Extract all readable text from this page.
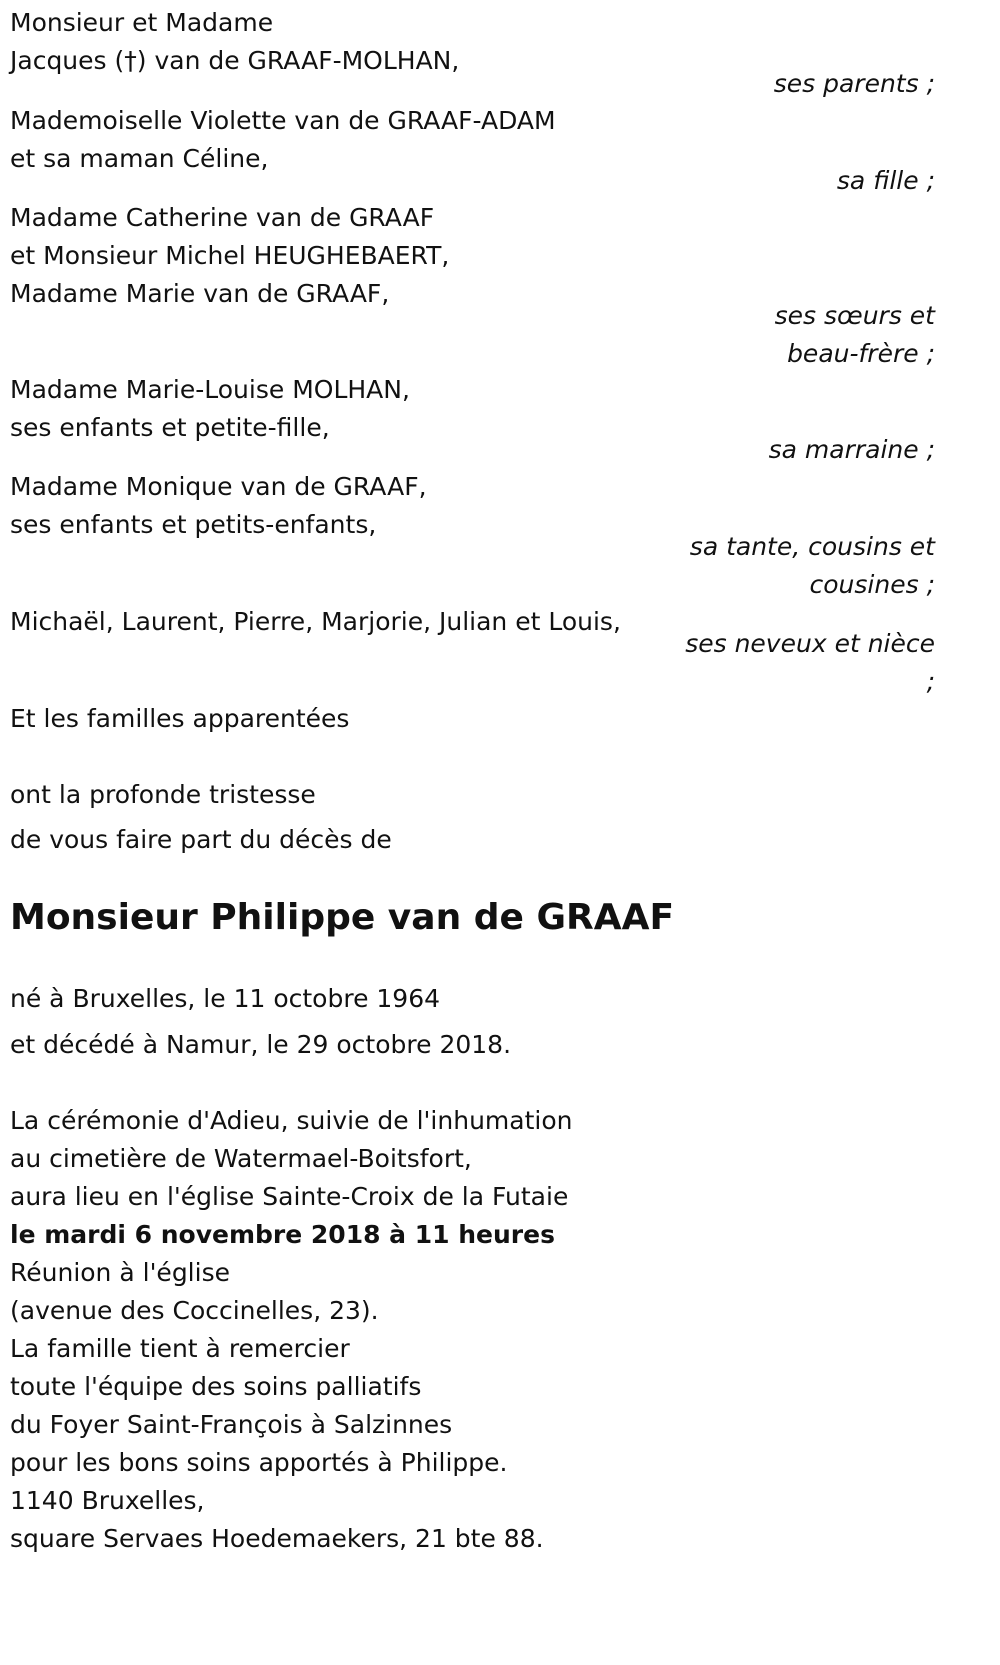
Monsieur et Madame
Jacques (†) van de GRAAF-MOLHAN,
ses parents ;
Mademoiselle Violette van de GRAAF-ADAM
et sa maman Céline,
sa fille ;
Madame Catherine van de GRAAF
et Monsieur Michel HEUGHEBAERT,
Madame Marie van de GRAAF,
ses sœurs et
beau-frère ;
Madame Marie-Louise MOLHAN,
ses enfants et petite-fille,
sa marraine ;
Madame Monique van de GRAAF,
ses enfants et petits-enfants,
sa tante, cousins et
cousines ;
Michaël, Laurent, Pierre, Marjorie, Julian et Louis,
ses neveux et nièce
;
Et les familles apparentées
ont la profonde tristesse
de vous faire part du décès de
Monsieur Philippe van de GRAAF
né à Bruxelles, le 11 octobre 1964
et décédé à Namur, le 29 octobre 2018.
La cérémonie d'Adieu, suivie de l'inhumation
au cimetière de Watermael-Boitsfort,
aura lieu en l'église Sainte-Croix de la Futaie
le mardi 6 novembre 2018 à 11 heures
Réunion à l'église
(avenue des Coccinelles, 23).
La famille tient à remercier
toute l'équipe des soins palliatifs
du Foyer Saint-François à Salzinnes
pour les bons soins apportés à Philippe.
1140 Bruxelles,
square Servaes Hoedemaekers, 21 bte 88.
